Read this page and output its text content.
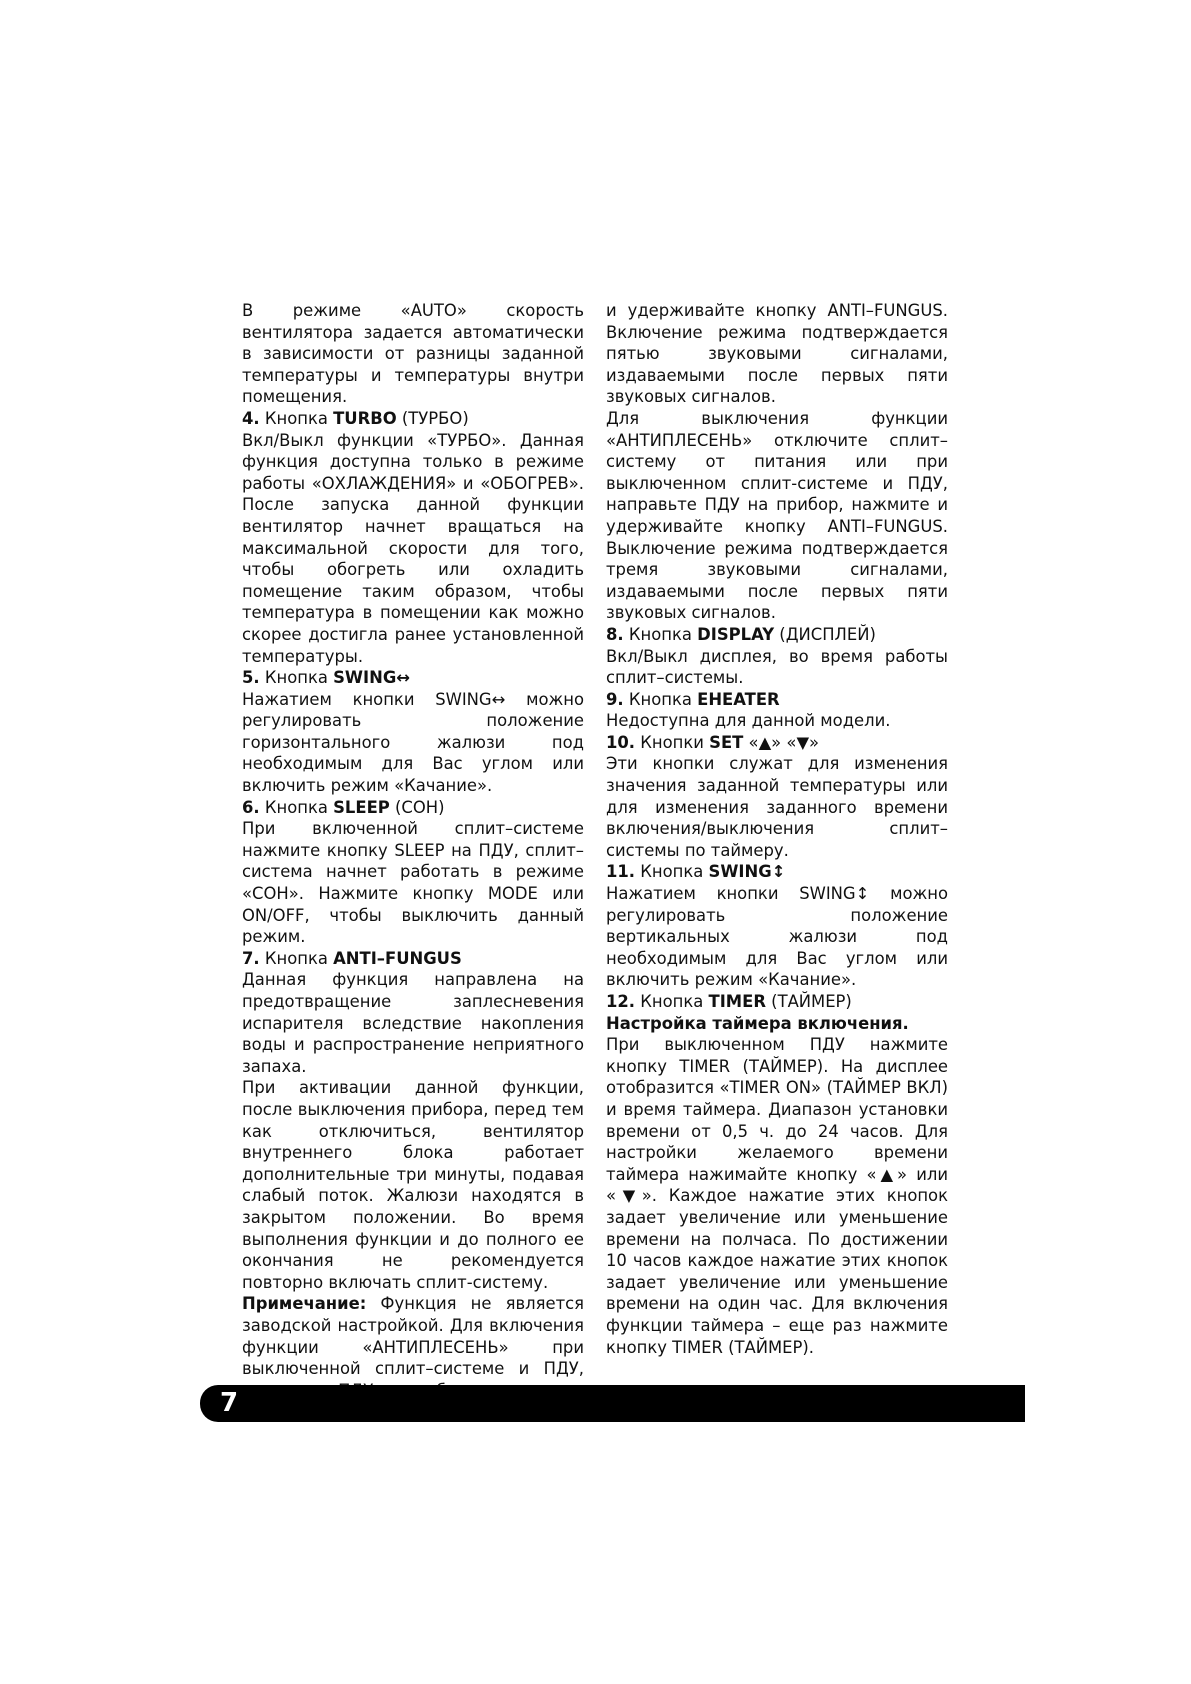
В режиме «AUTO» скорость вентилятора задается автоматически в зависимости от разницы заданной температуры и температуры внутри помещения.

4. Кнопка TURBO (ТУРБО)

Вкл/Выкл функции «ТУРБО». Данная функция доступна только в режиме работы «ОХЛАЖДЕНИЯ» и «ОБОГРЕВ». После запуска данной функции вентилятор начнет вращаться на максимальной скорости для того, чтобы обогреть или охладить помещение таким образом, чтобы температура в помещении как можно скорее достигла ранее установленной температуры.

5. Кнопка SWING↔

Нажатием кнопки SWING↔ можно регулировать положение горизонтального жалюзи под необходимым для Вас углом или включить режим «Качание».

6. Кнопка SLEEP (СОН)

При включенной сплит–системе нажмите кнопку SLEEP на ПДУ, сплит–система начнет работать в режиме «СОН». Нажмите кнопку MODE или ON/OFF, чтобы выключить данный режим.

7. Кнопка ANTI–FUNGUS

Данная функция направлена на предотвращение заплесневения испарителя вследствие накопления воды и распространение неприятного запаха.

При активации данной функции, после выключения прибора, перед тем как отключиться, вентилятор внутреннего блока работает дополнительные три минуты, подавая слабый поток. Жалюзи находятся в закрытом положении. Во время выполнения функции и до полного ее окончания не рекомендуется повторно включать сплит-систему.

Примечание: Функция не является заводской настройкой. Для включения функции «АНТИПЛЕСЕНЬ» при выключенной сплит–системе и ПДУ,

и удерживайте кнопку ANTI–FUNGUS. Включение режима подтверждается пятью звуковыми сигналами, издаваемыми после первых пяти звуковых сигналов.

Для выключения функции «АНТИПЛЕСЕНЬ» отключите сплит–систему от питания или при выключенном сплит-системе и ПДУ, направьте ПДУ на прибор, нажмите и удерживайте кнопку ANTI–FUNGUS. Выключение режима подтверждается тремя звуковыми сигналами, издаваемыми после первых пяти звуковых сигналов.

8. Кнопка DISPLAY (ДИСПЛЕЙ)

Вкл/Выкл дисплея, во время работы сплит–системы.

9. Кнопка EHEATER

Недоступна для данной модели.

10. Кнопки SET «▲» «▼»

Эти кнопки служат для изменения значения заданной температуры или для изменения заданного времени включения/выключения сплит–системы по таймеру.

11. Кнопка SWING↕

Нажатием кнопки SWING↕ можно регулировать положение вертикальных жалюзи под необходимым для Вас углом или включить режим «Качание».

12. Кнопка TIMER (ТАЙМЕР)

Настройка таймера включения.

При выключенном ПДУ нажмите кнопку TIMER (ТАЙМЕР). На дисплее отобразится «TIMER ON» (ТАЙМЕР ВКЛ) и время таймера. Диапазон установки времени от 0,5 ч. до 24 часов. Для настройки желаемого времени таймера нажимайте кнопку «▲» или «▼». Каждое нажатие этих кнопок задает увеличение или уменьшение времени на полчаса. По достижении 10 часов каждое нажатие этих кнопок задает увеличение или уменьшение времени на один час. Для включения функции таймера – еще раз нажмите кнопку TIMER (ТАЙМЕР).

7
